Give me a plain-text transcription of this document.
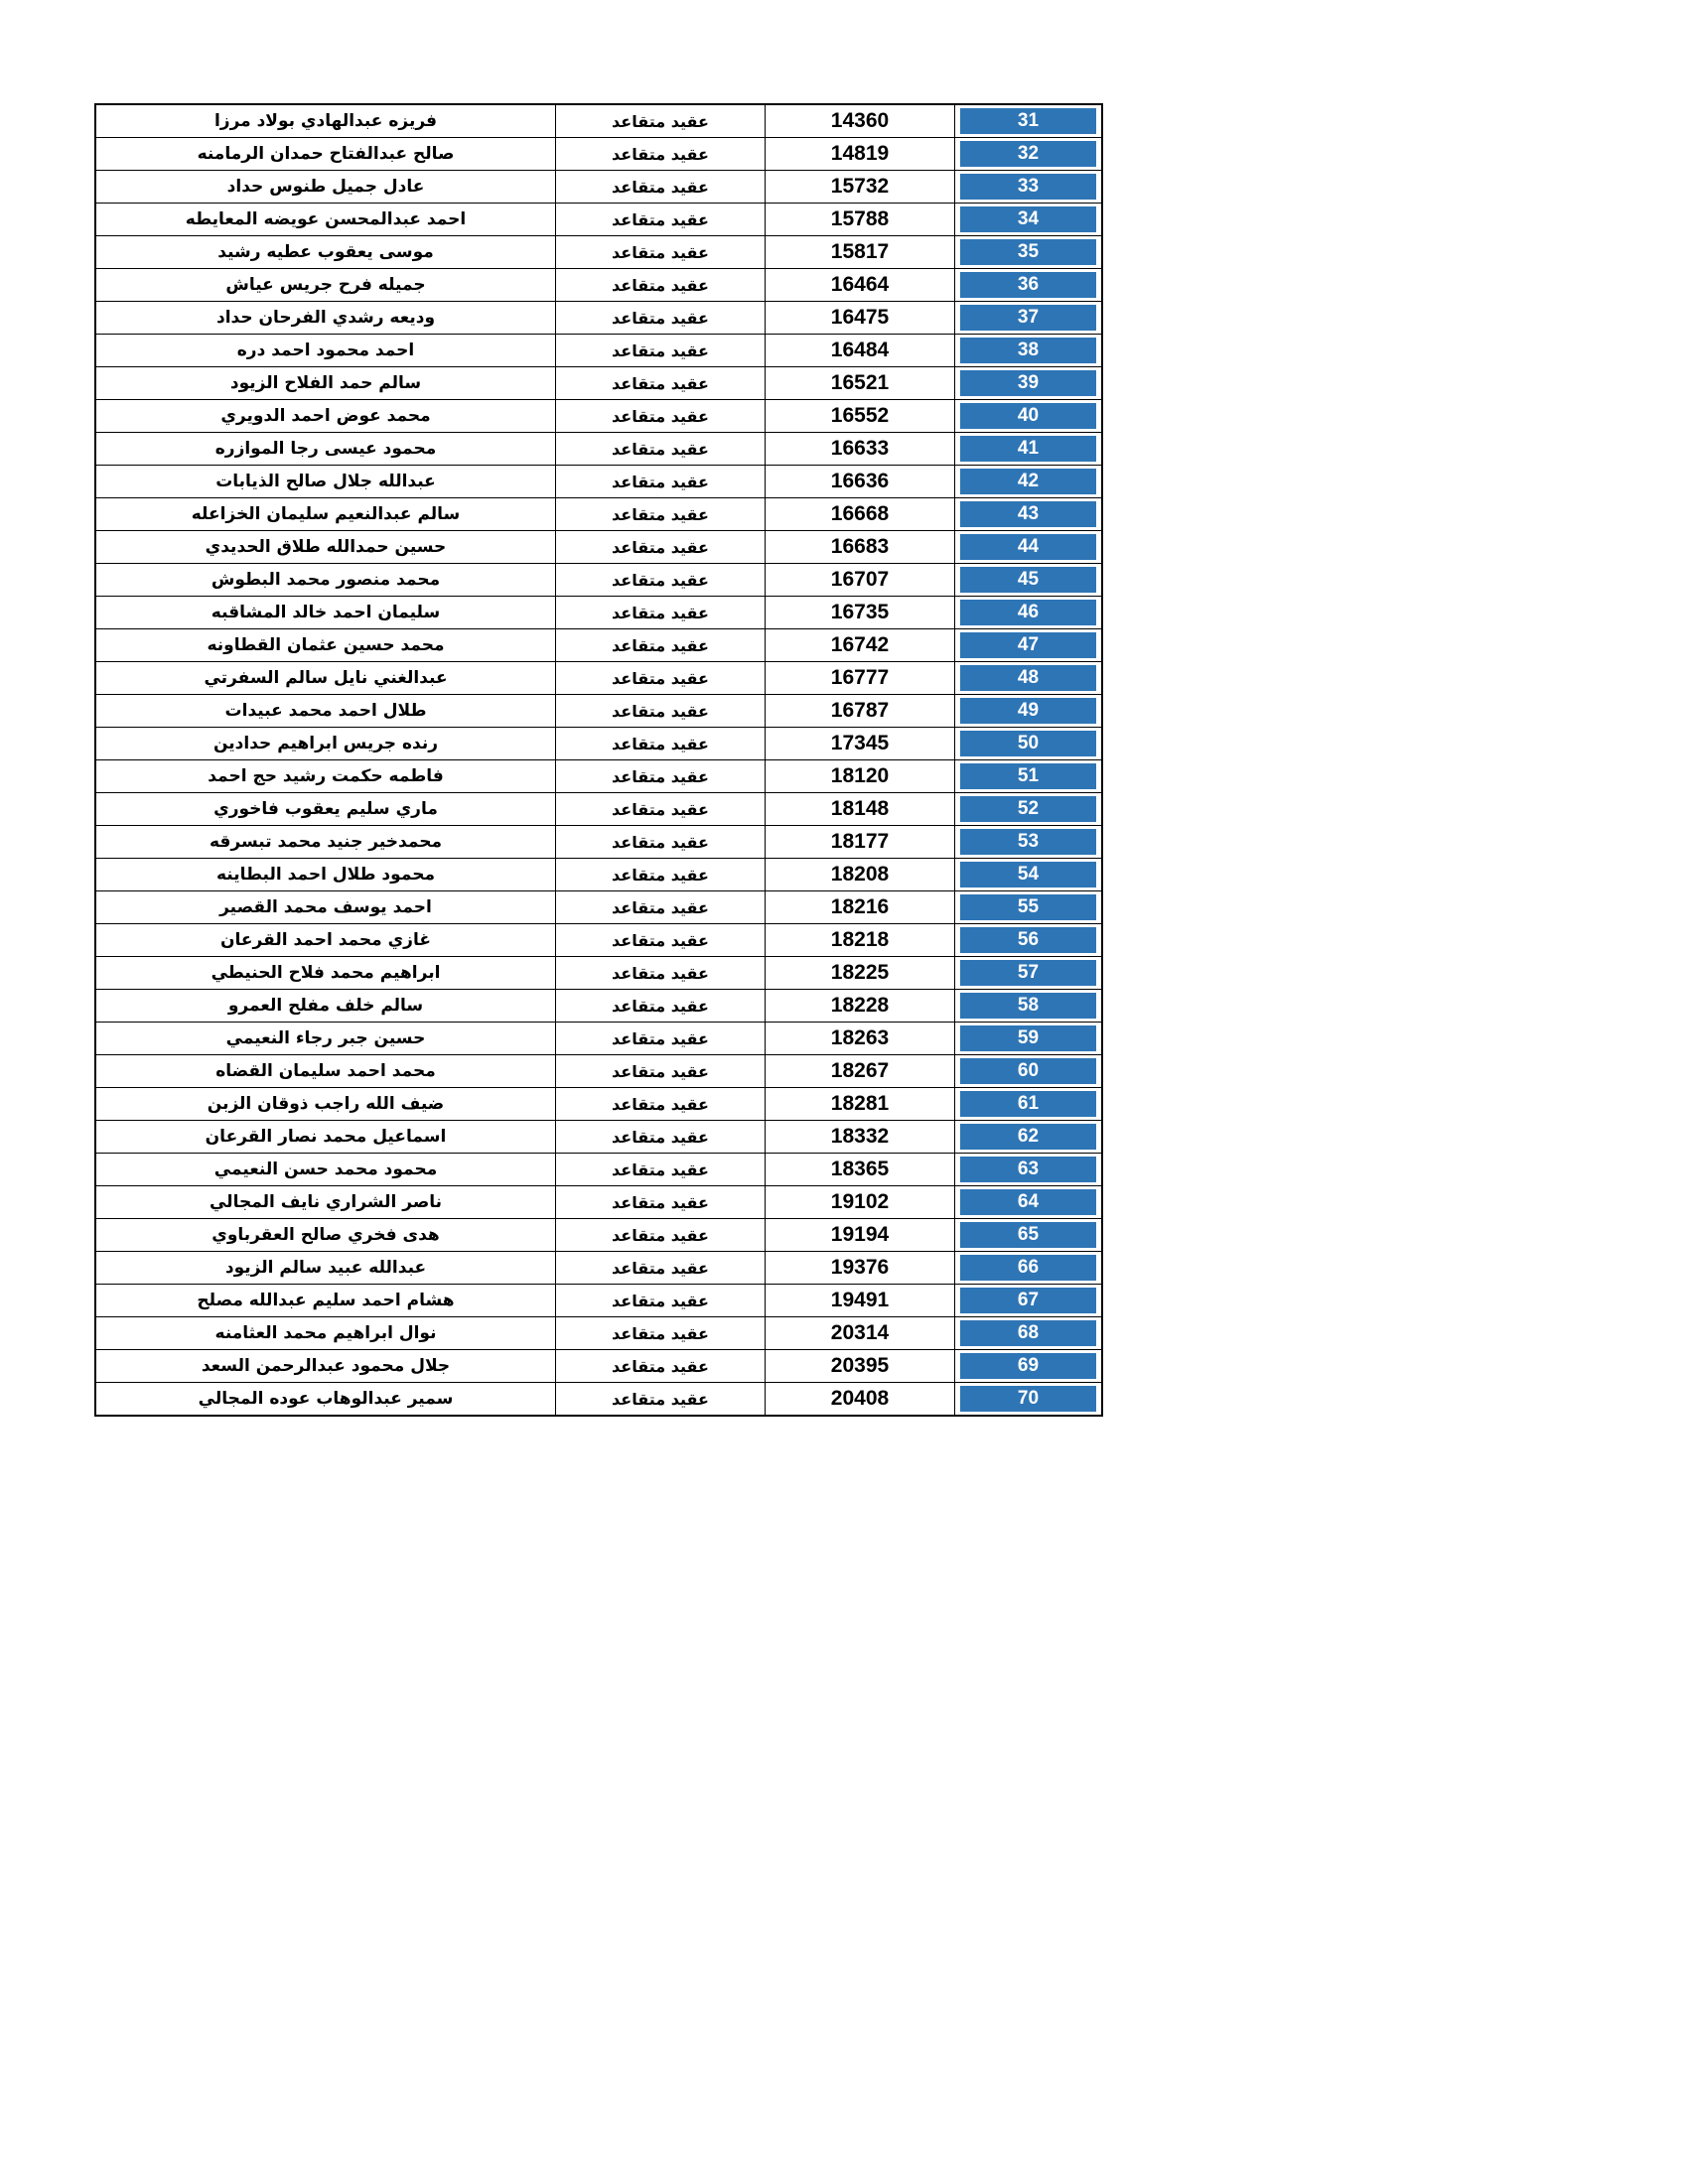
31	14360	عقيد متقاعد	فريزه عبدالهادي بولاد مرزا

32	14819	عقيد متقاعد	صالح عبدالفتاح حمدان الرمامنه

33	15732	عقيد متقاعد	عادل جميل طنوس حداد

34	15788	عقيد متقاعد	احمد عبدالمحسن عويضه المعايطه

35	15817	عقيد متقاعد	موسى يعقوب عطيه رشيد

36	16464	عقيد متقاعد	جميله فرح جريس عياش

37	16475	عقيد متقاعد	وديعه رشدي الفرحان حداد

38	16484	عقيد متقاعد	احمد محمود احمد دره

39	16521	عقيد متقاعد	سالم حمد الفلاح الزيود

40	16552	عقيد متقاعد	محمد عوض احمد الدويري

41	16633	عقيد متقاعد	محمود عيسى رجا الموازره

42	16636	عقيد متقاعد	عبدالله جلال صالح الذيابات

43	16668	عقيد متقاعد	سالم عبدالنعيم سليمان الخزاعله

44	16683	عقيد متقاعد	حسين حمدالله طلاق الحديدي

45	16707	عقيد متقاعد	محمد منصور محمد البطوش

46	16735	عقيد متقاعد	سليمان احمد خالد المشاقبه

47	16742	عقيد متقاعد	محمد حسين عثمان القطاونه

48	16777	عقيد متقاعد	عبدالغني نايل سالم السفرتي

49	16787	عقيد متقاعد	طلال احمد محمد عبيدات

50	17345	عقيد متقاعد	رنده جريس ابراهيم حدادين

51	18120	عقيد متقاعد	فاطمه حكمت رشيد حج احمد

52	18148	عقيد متقاعد	ماري سليم يعقوب فاخوري

53	18177	عقيد متقاعد	محمدخير جنيد محمد تبسرقه

54	18208	عقيد متقاعد	محمود طلال احمد البطاينه

55	18216	عقيد متقاعد	احمد يوسف محمد القصير

56	18218	عقيد متقاعد	غازي محمد احمد القرعان

57	18225	عقيد متقاعد	ابراهيم محمد فلاح الحنيطي

58	18228	عقيد متقاعد	سالم خلف مفلح العمرو

59	18263	عقيد متقاعد	حسين جبر رجاء النعيمي

60	18267	عقيد متقاعد	محمد احمد سليمان القضاه

61	18281	عقيد متقاعد	ضيف الله راجب ذوقان الزبن

62	18332	عقيد متقاعد	اسماعيل محمد نصار القرعان

63	18365	عقيد متقاعد	محمود محمد حسن النعيمي

64	19102	عقيد متقاعد	ناصر الشراري نايف المجالي

65	19194	عقيد متقاعد	هدى فخري صالح العقرباوي

66	19376	عقيد متقاعد	عبدالله عبيد سالم الزيود

67	19491	عقيد متقاعد	هشام احمد سليم عبدالله مصلح

68	20314	عقيد متقاعد	نوال ابراهيم محمد العثامنه

69	20395	عقيد متقاعد	جلال محمود عبدالرحمن السعد

70	20408	عقيد متقاعد	سمير عبدالوهاب عوده المجالي
